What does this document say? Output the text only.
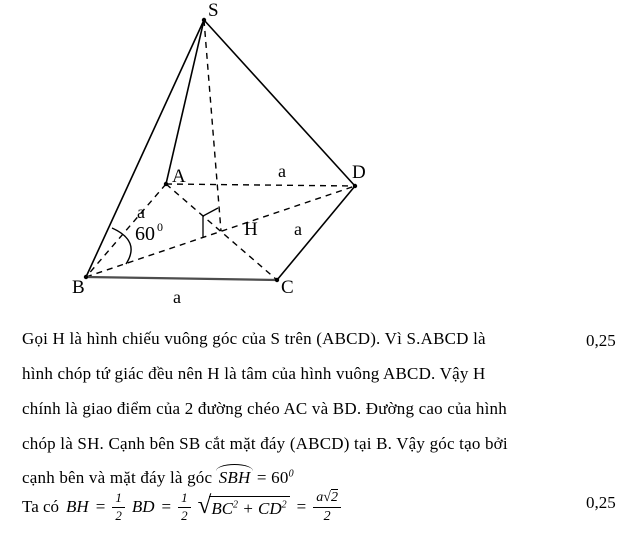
S
A
B	C
D
H
a
a
a
a
60 0
Gọi H là hình chiếu vuông góc của S trên (ABCD). Vì S.ABCD là
hình chóp tứ giác đều nên H là tâm của hình vuông ABCD. Vậy H
chính là giao điểm của 2 đường chéo AC và BD. Đường cao của hình
chóp là SH. Cạnh bên SB cắt mặt đáy (ABCD) tại B. Vậy góc tạo bởi
cạnh bên và mặt đáy là góc SBH = $60^0$
Ta có BH = $\frac{1}{2}$ BD = $\frac{1}{2}$ √ $BC^2 + CD^2 = \frac{a√2}{2}$
0,25
0,25
